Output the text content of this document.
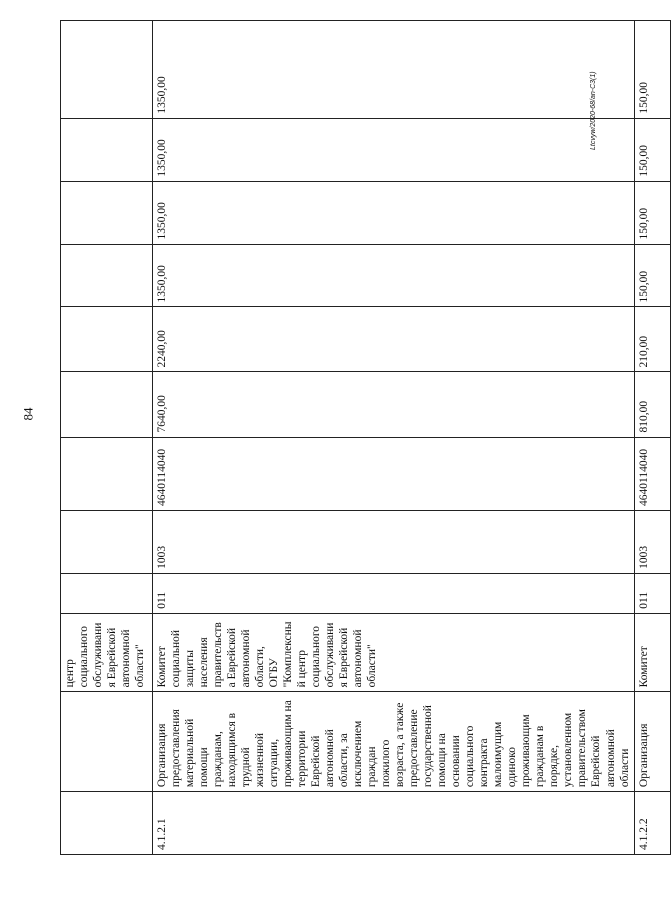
84
		центр социального обслуживания Еврейской автономной области"									
4.1.2.1	Организация предоставления материальной помощи гражданам, находящимся в трудной жизненной ситуации, проживающим на территории Еврейской автономной области, за исключением граждан пожилого возраста, а также предоставление государственной помощи на основании социального контракта малоимущим одиноко проживающим гражданам в порядке, установленном правительством Еврейской автономной области	Комитет социальной защиты населения правительства Еврейской автономной области, ОГБУ "Комплексный центр социального обслуживания Еврейской автономной области"	011	1003	4640114040	7640,00	2240,00	1350,00	1350,00	1350,00	1350,00
4.1.2.2	Организация	Комитет	011	1003	4640114040	810,00	210,00	150,00	150,00	150,00	150,00
Ltcvyw/2020-68/an-C3(1)
